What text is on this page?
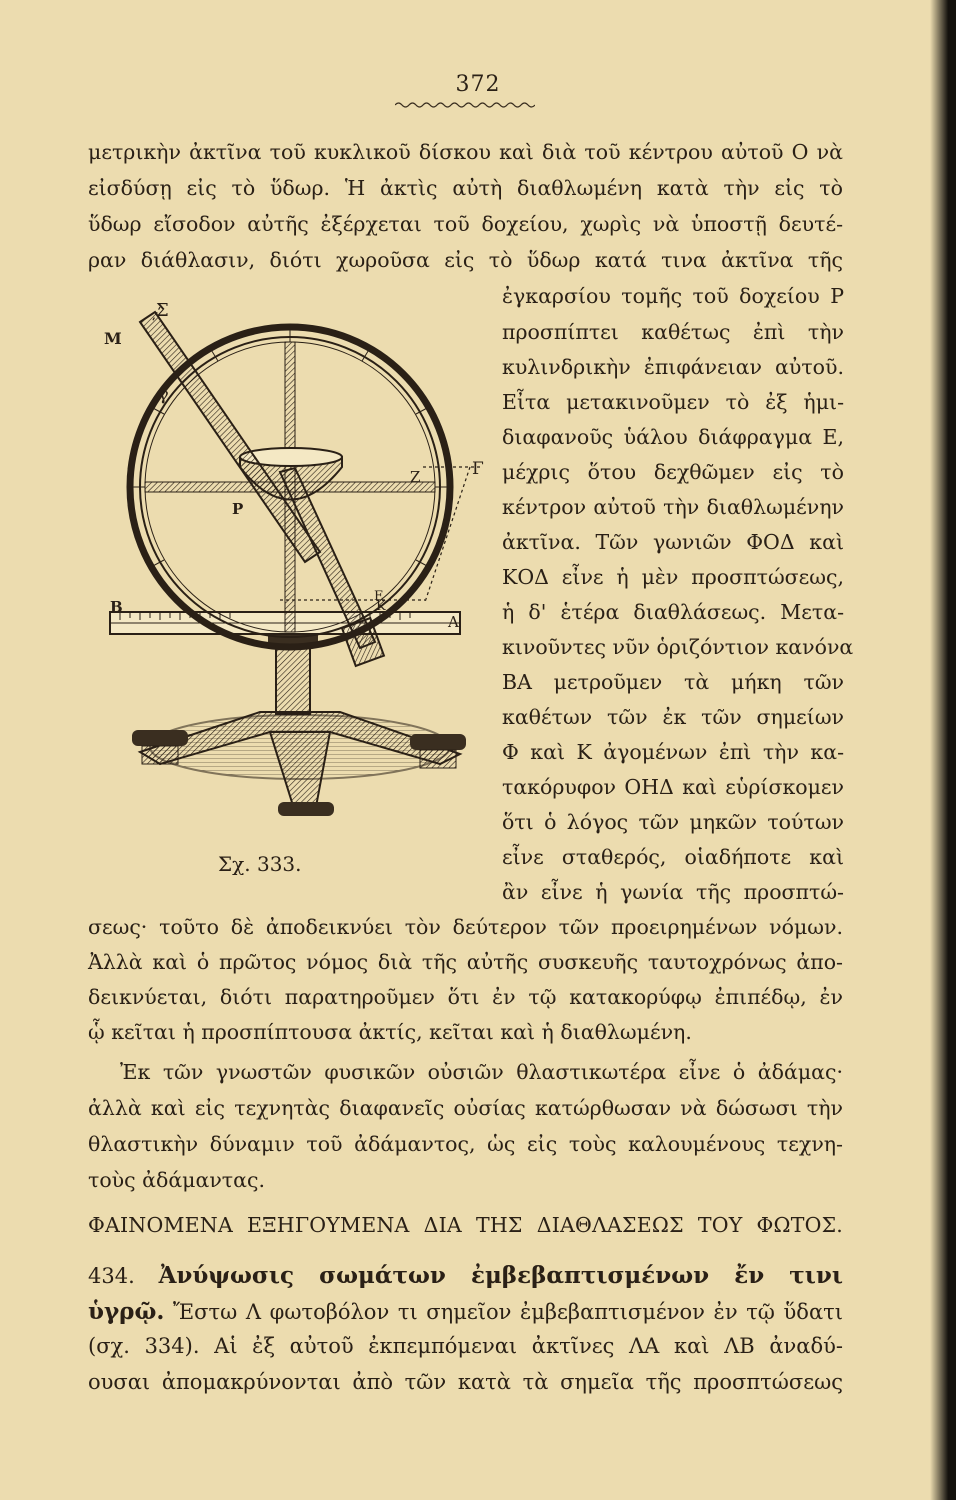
372
μετρικὴν ἀκτῖνα τοῦ κυκλικοῦ δίσκου καὶ διὰ τοῦ κέντρου αὐτοῦ Ο νὰ
εἰσδύσῃ εἰς τὸ ὕδωρ. Ἡ ἀκτὶς αὐτὴ διαθλωμένη κατὰ τὴν εἰς τὸ
ὕδωρ εἴσοδον αὐτῆς ἐξέρχεται τοῦ δοχείου, χωρὶς νὰ ὑποστῇ δευτέ-
ραν διάθλασιν, διότι χωροῦσα εἰς τὸ ὕδωρ κατά τινα ἀκτῖνα τῆς
ἐγκαρσίου τομῆς τοῦ δοχείου Ρ
προσπίπτει καθέτως ἐπὶ τὴν
κυλινδρικὴν ἐπιφάνειαν αὐτοῦ.
Εἶτα μετακινοῦμεν τὸ ἐξ ἡμι-
διαφανοῦς ὑάλου διάφραγμα Ε,
μέχρις ὅτου δεχθῶμεν εἰς τὸ
κέντρον αὐτοῦ τὴν διαθλωμένην
ἀκτῖνα. Τῶν γωνιῶν ΦΟΔ καὶ
ΚΟΔ εἶνε ἡ μὲν προσπτώσεως,
ἡ δ' ἑτέρα διαθλάσεως. Μετα-
κινοῦντες νῦν ὁριζόντιον κανόνα
ΒΑ μετροῦμεν τὰ μήκη τῶν
καθέτων τῶν ἐκ τῶν σημείων
Φ καὶ Κ ἀγομένων ἐπὶ τὴν κα-
τακόρυφον ΟΗΔ καὶ εὑρίσκομεν
ὅτι ὁ λόγος τῶν μηκῶν τούτων
εἶνε σταθερός, οἱαδήποτε καὶ
ἂν εἶνε ἡ γωνία τῆς προσπτώ-
Σ
Μ
γ
Z	Γ
Ρ
E
Β	Κ
Α
Σχ. 333.
σεως· τοῦτο δὲ ἀποδεικνύει τὸν δεύτερον τῶν προειρημένων νόμων.
Ἀλλὰ καὶ ὁ πρῶτος νόμος διὰ τῆς αὐτῆς συσκευῆς ταυτοχρόνως ἀπο-
δεικνύεται, διότι παρατηροῦμεν ὅτι ἐν τῷ κατακορύφῳ ἐπιπέδῳ, ἐν
ᾧ κεῖται ἡ προσπίπτουσα ἀκτίς, κεῖται καὶ ἡ διαθλωμένη.
Ἐκ τῶν γνωστῶν φυσικῶν οὐσιῶν θλαστικωτέρα εἶνε ὁ ἀδάμας·
ἀλλὰ καὶ εἰς τεχνητὰς διαφανεῖς οὐσίας κατώρθωσαν νὰ δώσωσι τὴν
θλαστικὴν δύναμιν τοῦ ἀδάμαντος, ὡς εἰς τοὺς καλουμένους τεχνη-
τοὺς ἀδάμαντας.
ΦΑΙΝΟΜΕΝΑ ΕΞΗΓΟΥΜΕΝΑ ΔΙΑ ΤΗΣ ΔΙΑΘΛΑΣΕΩΣ ΤΟΥ ΦΩΤΟΣ.
434. Ἀνύψωσις σωμάτων ἐμβεβαπτισμένων ἔν τινι
ὑγρῷ. Ἔστω Λ φωτοβόλον τι σημεῖον ἐμβεβαπτισμένον ἐν τῷ ὕδατι
(σχ. 334). Αἱ ἐξ αὐτοῦ ἐκπεμπόμεναι ἀκτῖνες ΛΑ καὶ ΛΒ ἀναδύ-
ουσαι ἀπομακρύνονται ἀπὸ τῶν κατὰ τὰ σημεῖα τῆς προσπτώσεως
